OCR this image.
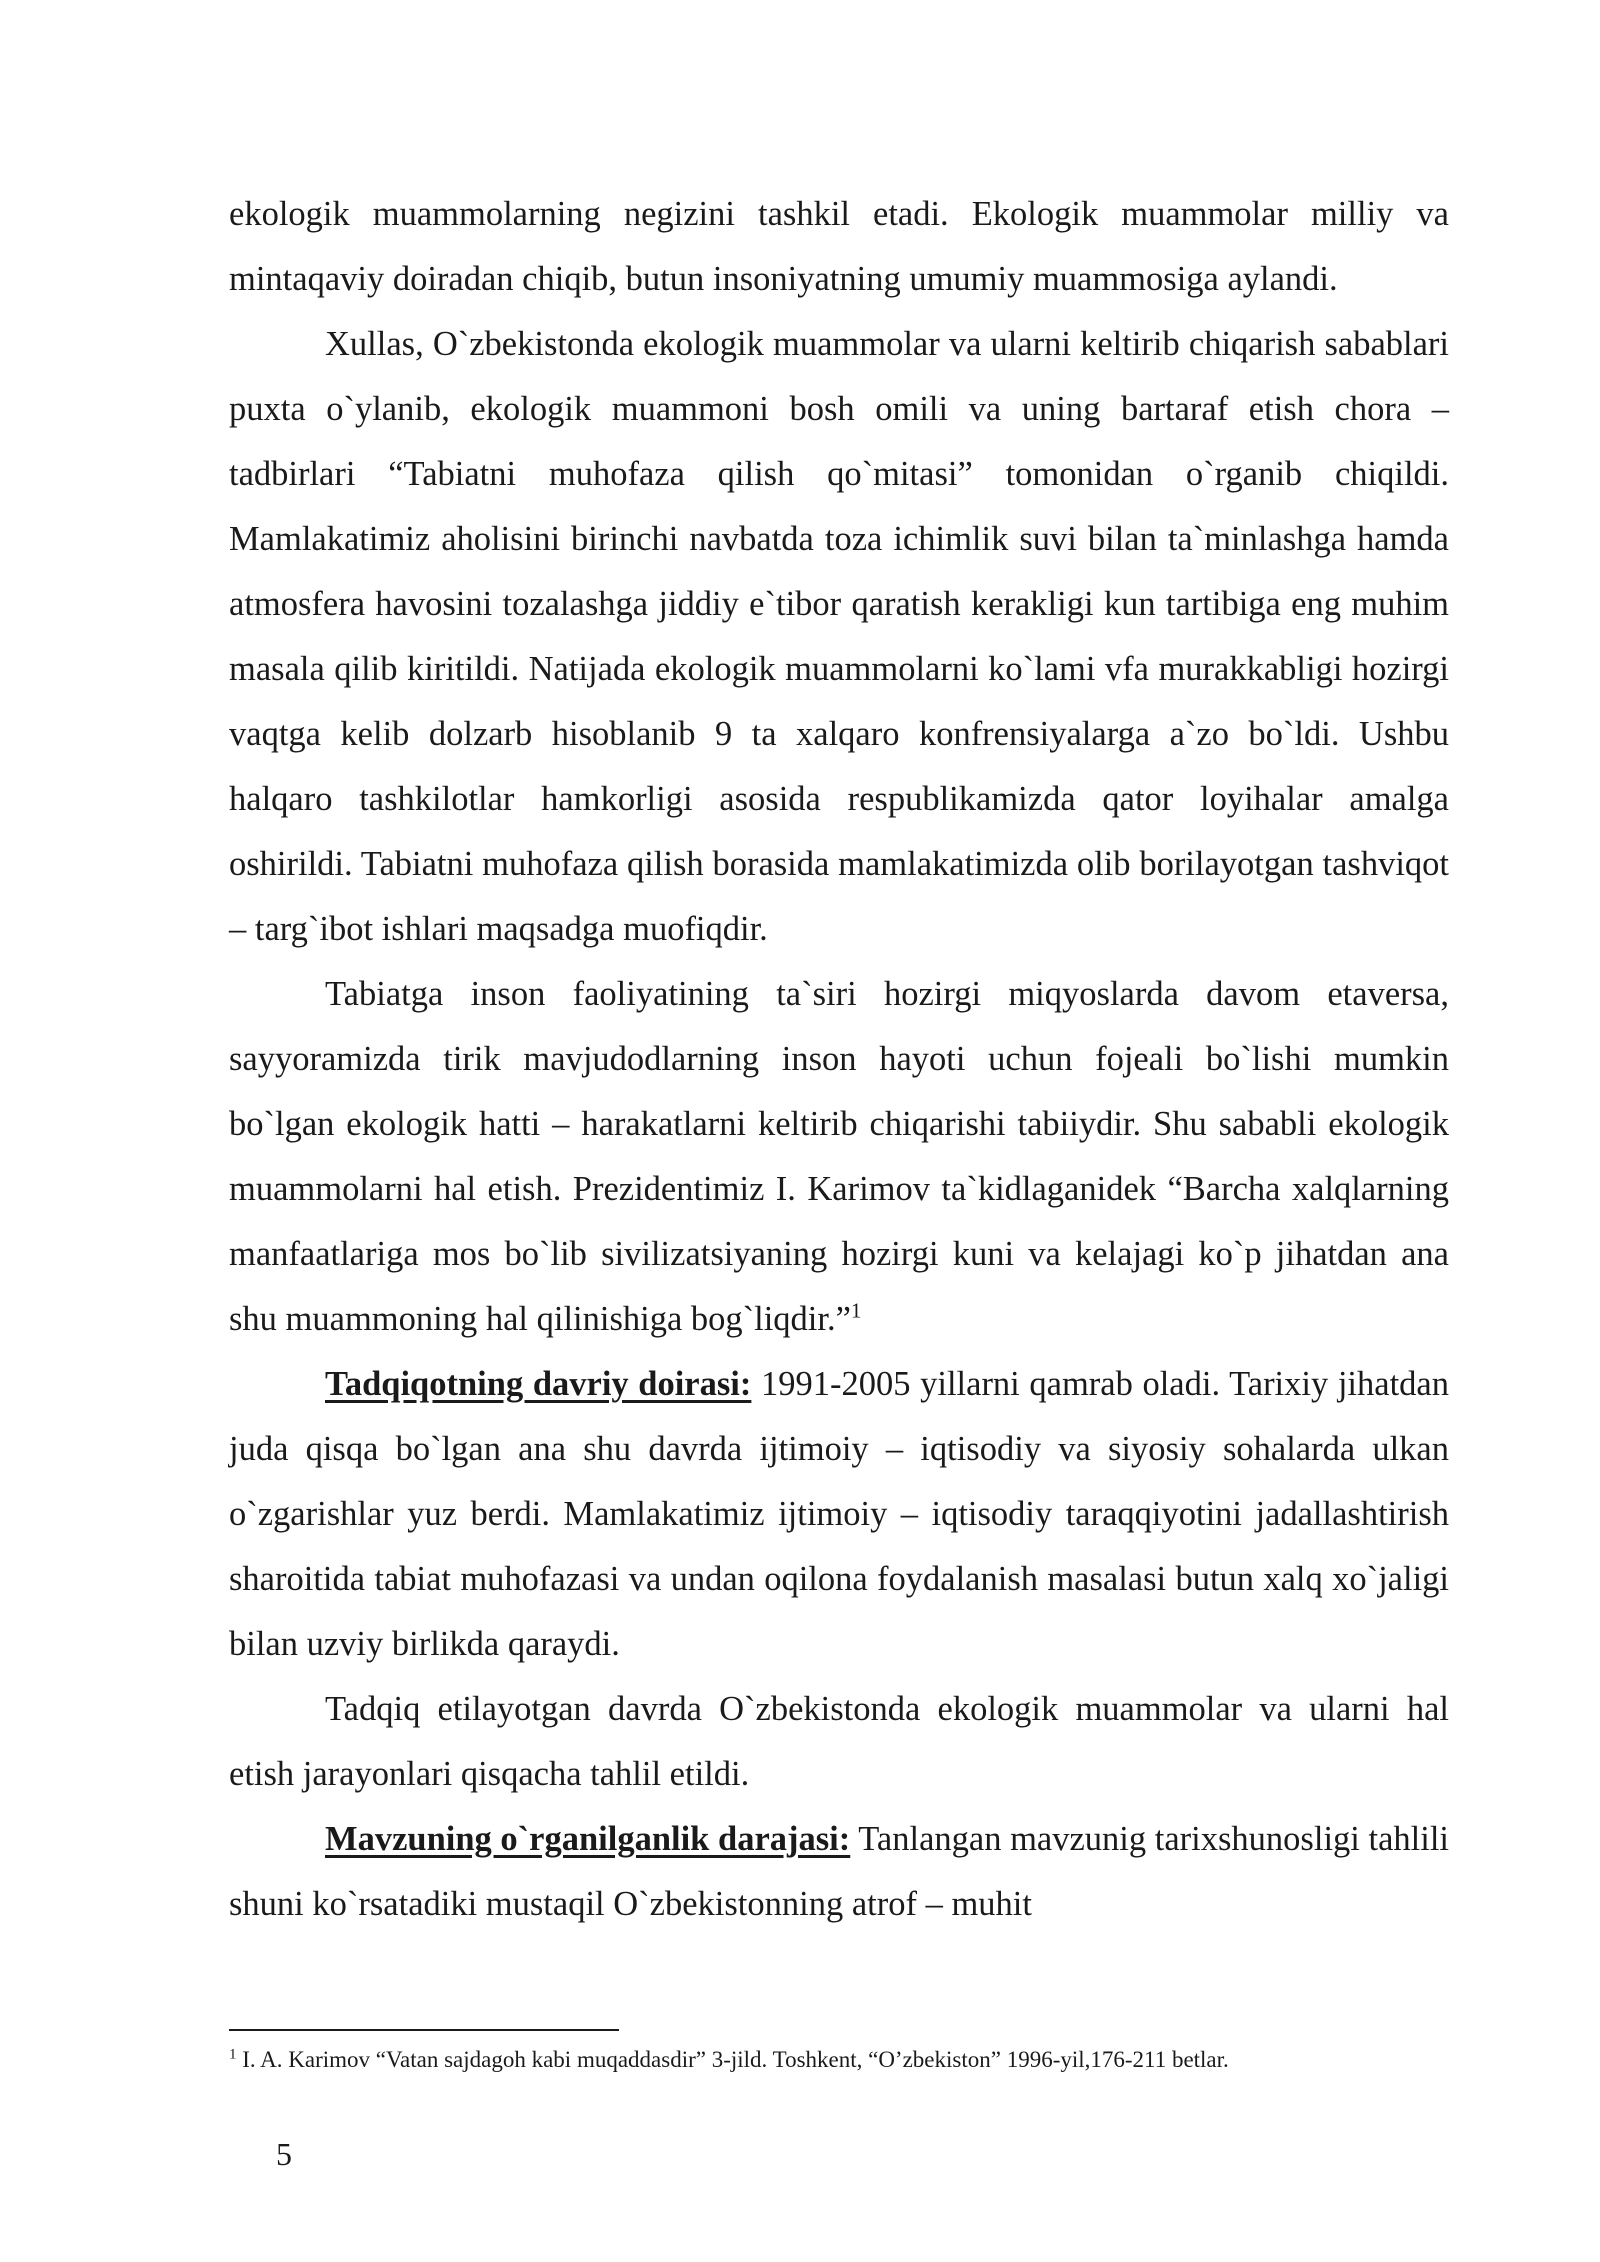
ekologik muammolarning negizini tashkil etadi. Ekologik muammolar milliy va mintaqaviy doiradan chiqib, butun insoniyatning umumiy muammosiga aylandi.

Xullas, O`zbekistonda ekologik muammolar va ularni keltirib chiqarish sabablari puxta o`ylanib, ekologik muammoni bosh omili va uning bartaraf etish chora – tadbirlari “Tabiatni muhofaza qilish qo`mitasi” tomonidan o`rganib chiqildi. Mamlakatimiz aholisini birinchi navbatda toza ichimlik suvi bilan ta`minlashga hamda atmosfera havosini tozalashga jiddiy e`tibor qaratish kerakligi kun tartibiga eng muhim masala qilib kiritildi. Natijada ekologik muammolarni ko`lami vfa murakkabligi hozirgi vaqtga kelib dolzarb hisoblanib 9 ta xalqaro konfrensiyalarga a`zo bo`ldi. Ushbu halqaro tashkilotlar hamkorligi asosida respublikamizda qator loyihalar amalga oshirildi. Tabiatni muhofaza qilish borasida mamlakatimizda olib borilayotgan tashviqot – targ`ibot ishlari maqsadga muofiqdir.

Tabiatga inson faoliyatining ta`siri hozirgi miqyoslarda davom etaversa, sayyoramizda tirik mavjudodlarning inson hayoti uchun fojeali bo`lishi mumkin bo`lgan ekologik hatti – harakatlarni keltirib chiqarishi tabiiydir. Shu sababli ekologik muammolarni hal etish. Prezidentimiz I. Karimov ta`kidlaganidek “Barcha xalqlarning manfaatlariga mos bo`lib sivilizatsiyaning hozirgi kuni va kelajagi ko`p jihatdan ana shu muammoning hal qilinishiga bog`liqdir.”$^1$

Tadqiqotning davriy doirasi: 1991-2005 yillarni qamrab oladi. Tarixiy jihatdan juda qisqa bo`lgan ana shu davrda ijtimoiy – iqtisodiy va siyosiy sohalarda ulkan o`zgarishlar yuz berdi. Mamlakatimiz ijtimoiy – iqtisodiy taraqqiyotini jadallashtirish sharoitida tabiat muhofazasi va undan oqilona foydalanish masalasi butun xalq xo`jaligi bilan uzviy birlikda qaraydi.

Tadqiq etilayotgan davrda O`zbekistonda ekologik muammolar va ularni hal etish jarayonlari qisqacha tahlil etildi.

Mavzuning o`rganilganlik darajasi: Tanlangan mavzunig tarixshunosligi tahlili shuni ko`rsatadiki mustaqil O`zbekistonning atrof – muhit

$^1$ I. A. Karimov “Vatan sajdagoh kabi muqaddasdir” 3-jild. Toshkent, “O’zbekiston” 1996-yil,176-211 betlar.
5
